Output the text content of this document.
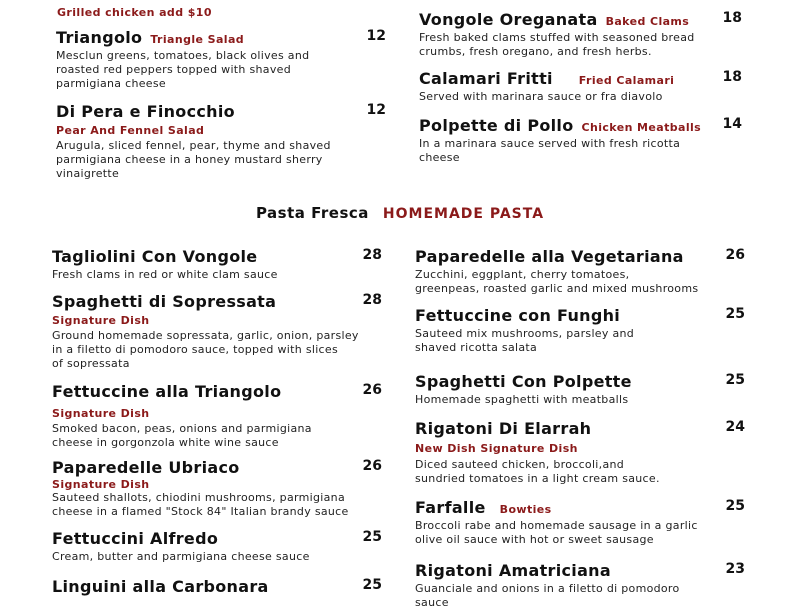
Grilled chicken add $10
Triangolo Triangle Salad	12
Mesclun greens, tomatoes, black olives and
roasted red peppers topped with shaved
parmigiana cheese
Di Pera e Finocchio
Pear And Fennel Salad
12
Arugula, sliced fennel, pear, thyme and shaved
parmigiana cheese in a honey mustard sherry
vinaigrette
Vongole Oreganata Baked Clams 18
Fresh baked clams stuffed with seasoned bread
crumbs, fresh oregano, and fresh herbs.
Calamari Fritti Fried Calamari	18
Served with marinara sauce or fra diavolo
Polpette di Pollo Chicken Meatballs 14
In a marinara sauce served with fresh ricotta
cheese
Pasta Fresca HOMEMADE PASTA
Tagliolini Con Vongole	28
Fresh clams in red or white clam sauce
Spaghetti di Sopressata
Signature Dish
28
Ground homemade sopressata, garlic, onion, parsley
in a filetto di pomodoro sauce, topped with slices
of sopressata
Fettuccine alla Triangolo
Signature Dish
26
Smoked bacon, peas, onions and parmigiana
cheese in gorgonzola white wine sauce
Paparedelle Ubriaco
Signature Dish
26
Sauteed shallots, chiodini mushrooms, parmigiana
cheese in a flamed "Stock 84" Italian brandy sauce
Fettuccini Alfredo	25
Cream, butter and parmigiana cheese sauce
Linguini alla Carbonara	25
Paparedelle alla Vegetariana	26
Zucchini, eggplant, cherry tomatoes,
greenpeas, roasted garlic and mixed mushrooms
Fettuccine con Funghi	25
Sauteed mix mushrooms, parsley and
shaved ricotta salata
Spaghetti Con Polpette	25
Homemade spaghetti with meatballs
Rigatoni Di Elarrah
New Dish Signature Dish
24
Diced sauteed chicken, broccoli,and
sundried tomatoes in a light cream sauce.
Farfalle Bowties	25
Broccoli rabe and homemade sausage in a garlic
olive oil sauce with hot or sweet sausage
Rigatoni Amatriciana	23
Guanciale and onions in a filetto di pomodoro
sauce
